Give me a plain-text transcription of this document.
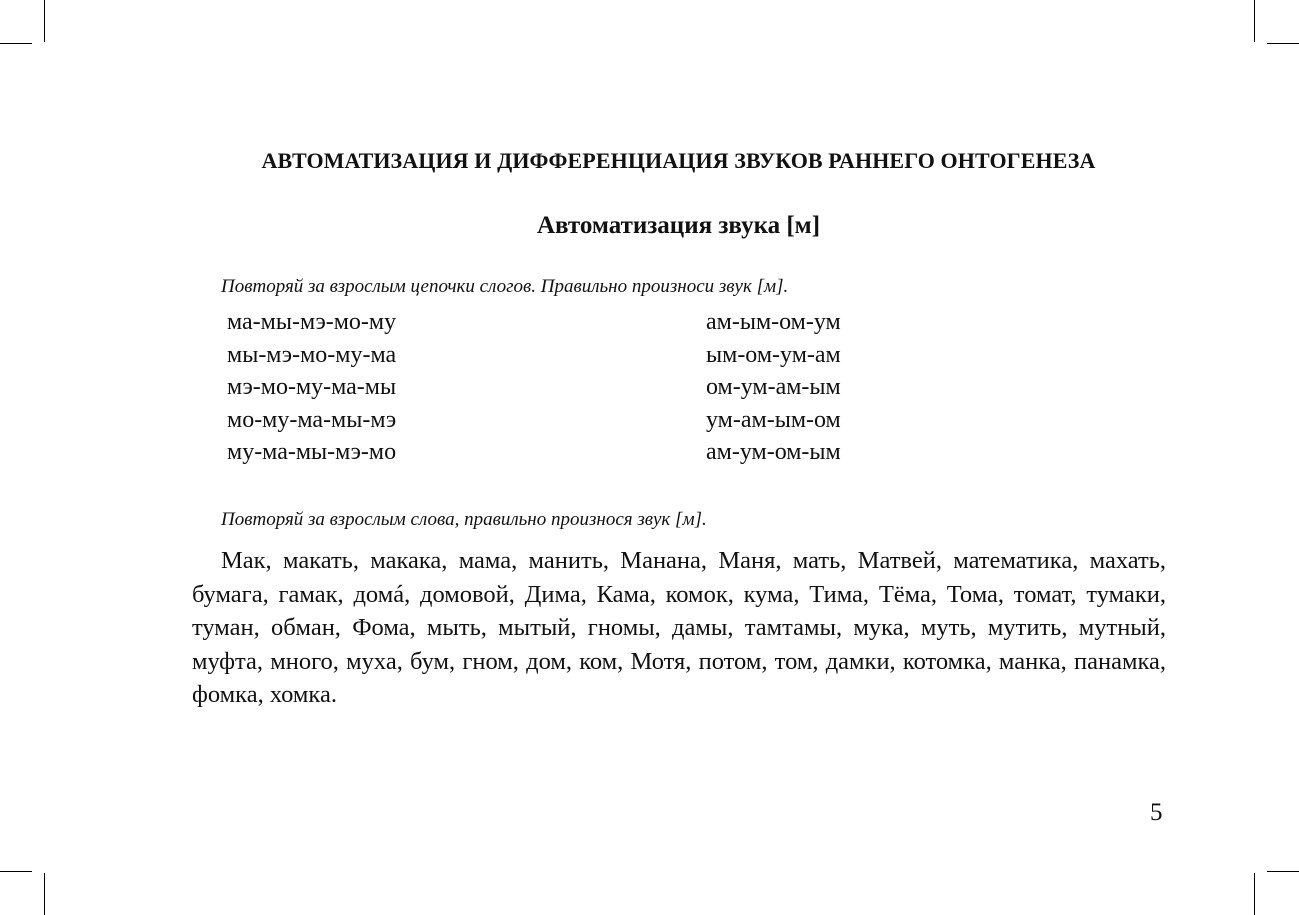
АВТОМАТИЗАЦИЯ И ДИФФЕРЕНЦИАЦИЯ ЗВУКОВ РАННЕГО ОНТОГЕНЕЗА
Автоматизация звука [м]

Повторяй за взрослым цепочки слогов. Правильно произноси звук [м].

ма-мы-мэ-мо-му
мы-мэ-мо-му-ма
мэ-мо-му-ма-мы
мо-му-ма-мы-мэ
му-ма-мы-мэ-мо
ам-ым-ом-ум
ым-ом-ум-ам
ом-ум-ам-ым
ум-ам-ым-ом
ам-ум-ом-ым

Повторяй за взрослым слова, правильно произнося звук [м].

Мак, макать, макака, мама, манить, Манана, Маня, мать, Матвей, математика, махать, бумага, гамак, домá, домовой, Дима, Кама, комок, кума, Тима, Тёма, Тома, томат, тумаки, туман, обман, Фома, мыть, мытый, гномы, дамы, тамтамы, мука, муть, мутить, мутный, муфта, много, муха, бум, гном, дом, ком, Мотя, потом, том, дамки, котомка, манка, панамка, фомка, хомка.

5
